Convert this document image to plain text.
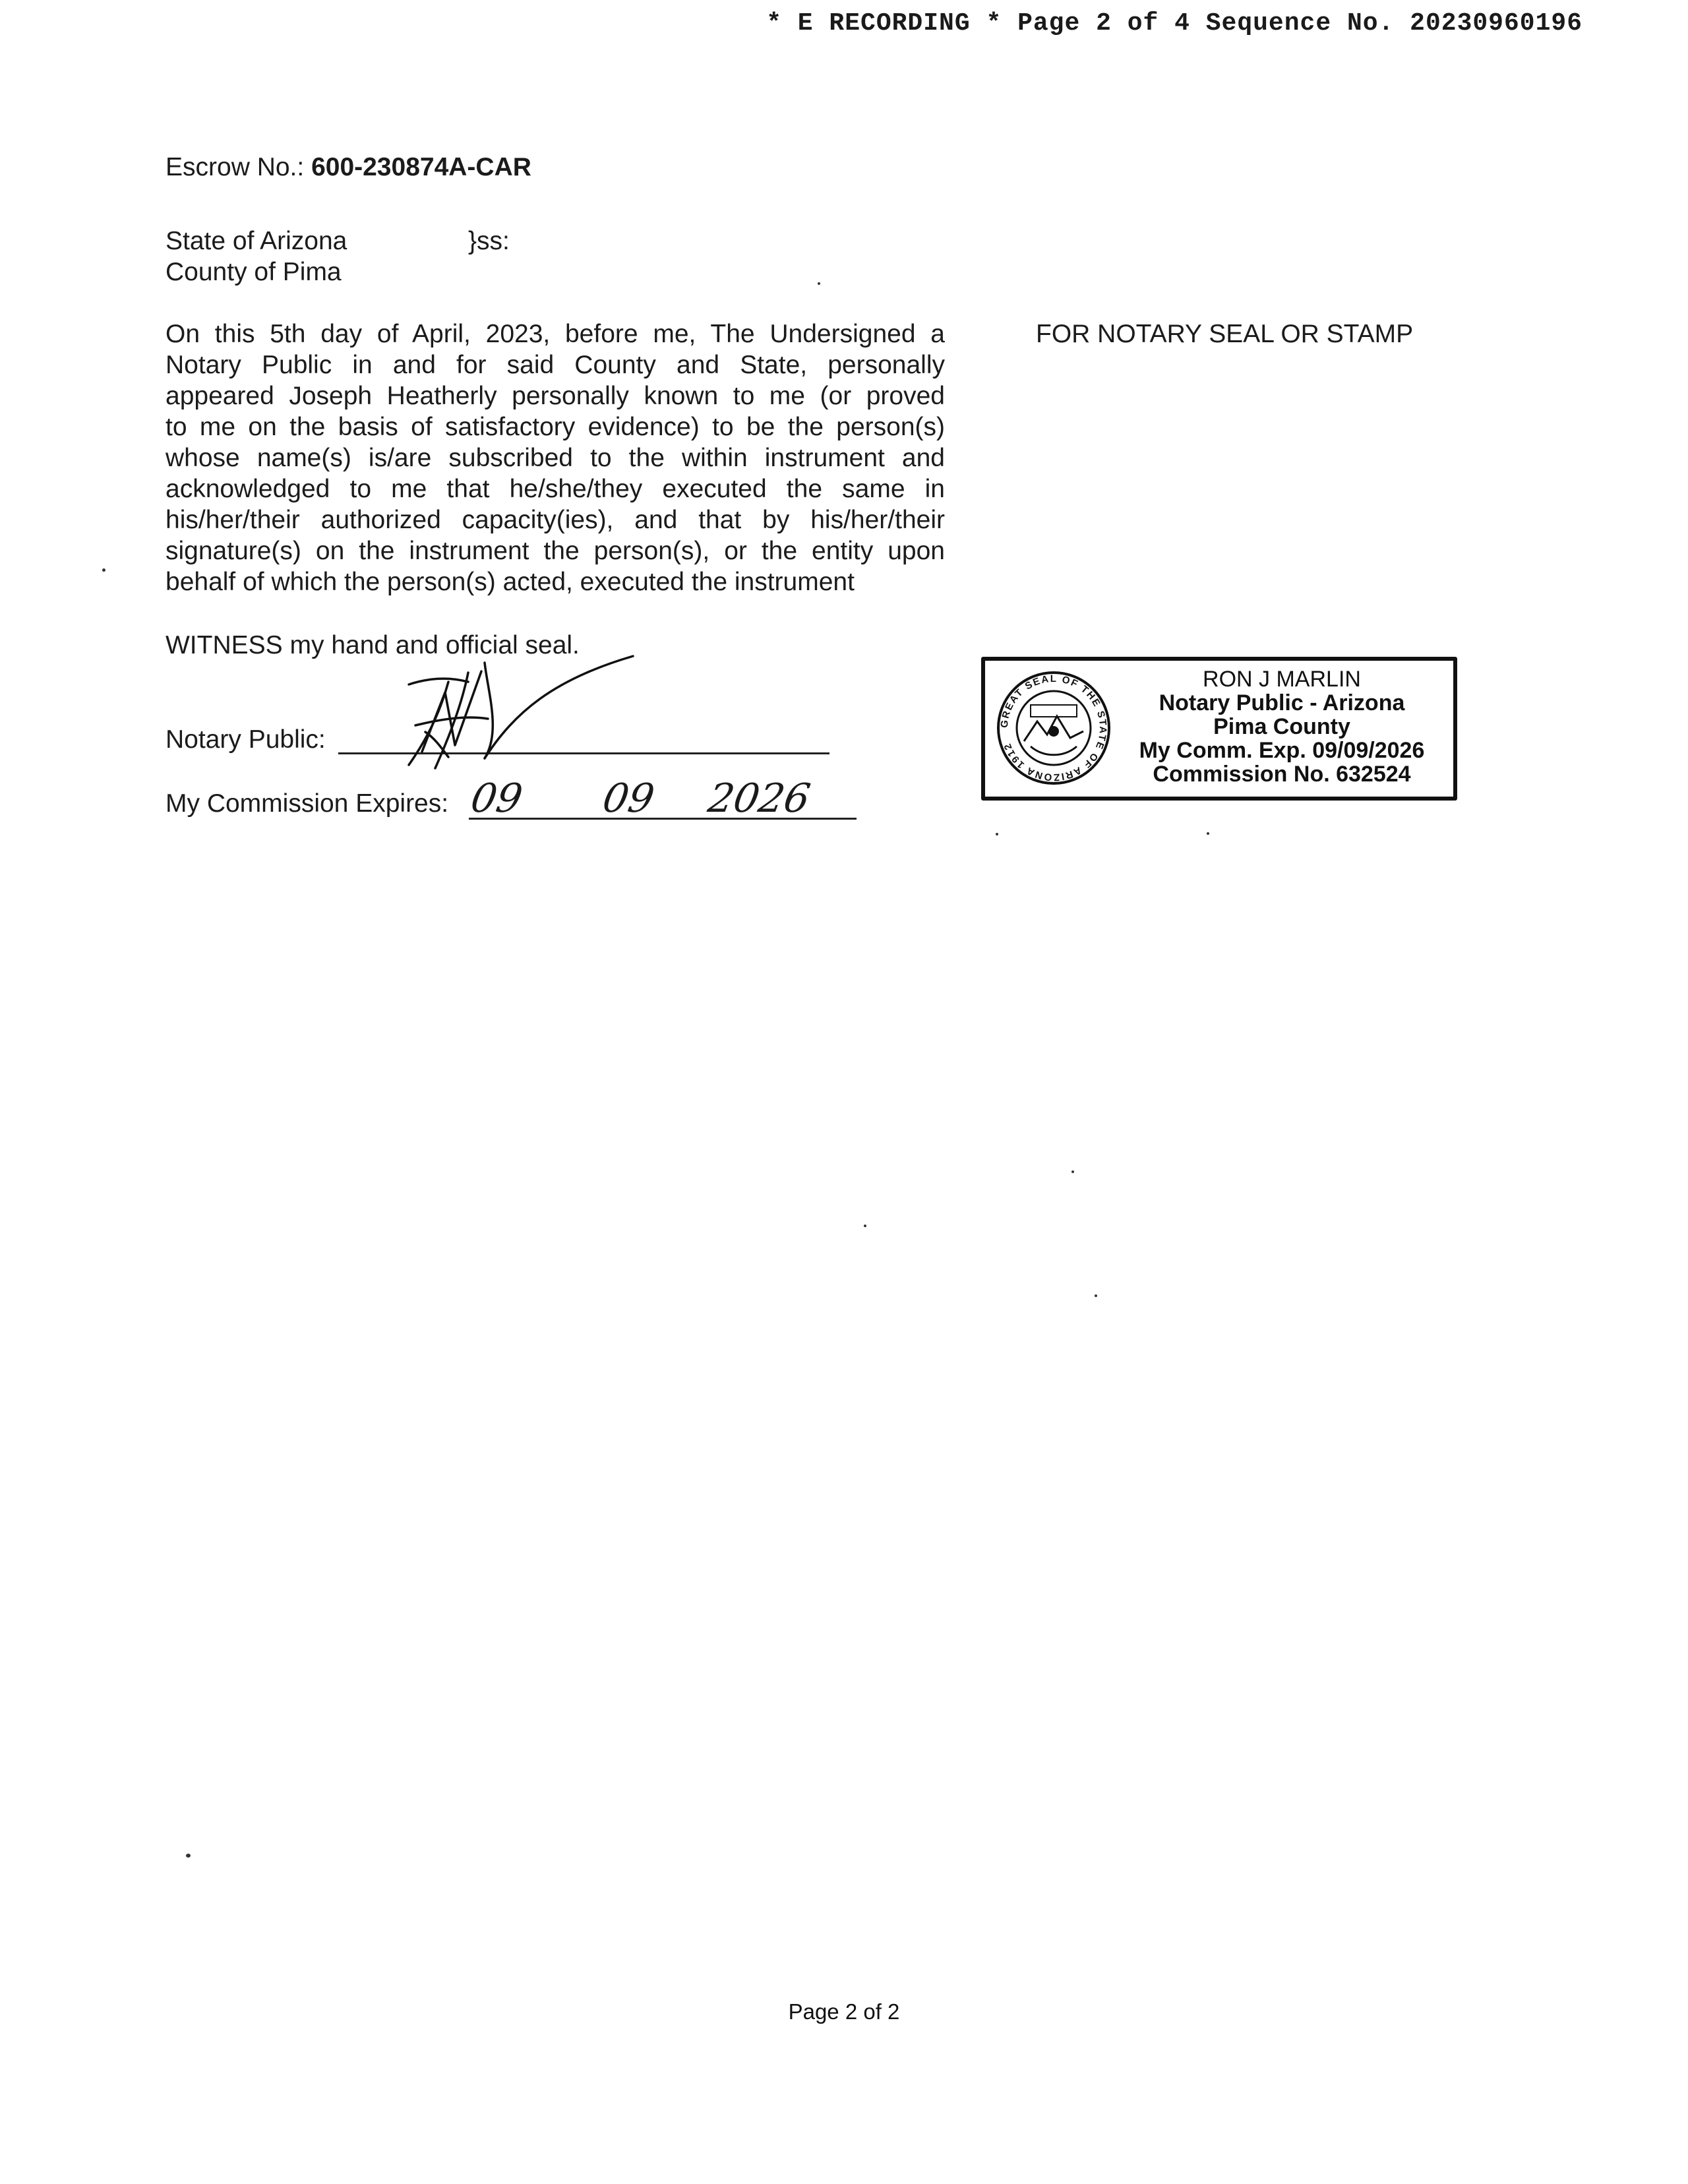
* E RECORDING * Page 2 of 4 Sequence No. 20230960196
Escrow No.: 600-230874A-CAR
State of Arizona	}ss:
County of Pima
On this 5th day of April, 2023, before me, The Undersigned a
Notary Public in and for said County and State, personally
appeared Joseph Heatherly personally known to me (or proved
to me on the basis of satisfactory evidence) to be the person(s)
whose name(s) is/are subscribed to the within instrument and
acknowledged to me that he/she/they executed the same in
his/her/their authorized capacity(ies), and that by his/her/their
signature(s) on the instrument the person(s), or the entity upon
behalf of which the person(s) acted, executed the instrument
FOR NOTARY SEAL OR STAMP
WITNESS my hand and official seal.
Notary Public:
My Commission Expires: 09 09 2026
GREAT SEAL OF THE STATE OF ARIZONA 1912
RON J MARLIN
Notary Public - Arizona
Pima County
My Comm. Exp. 09/09/2026
Commission No. 632524
Page 2 of 2
